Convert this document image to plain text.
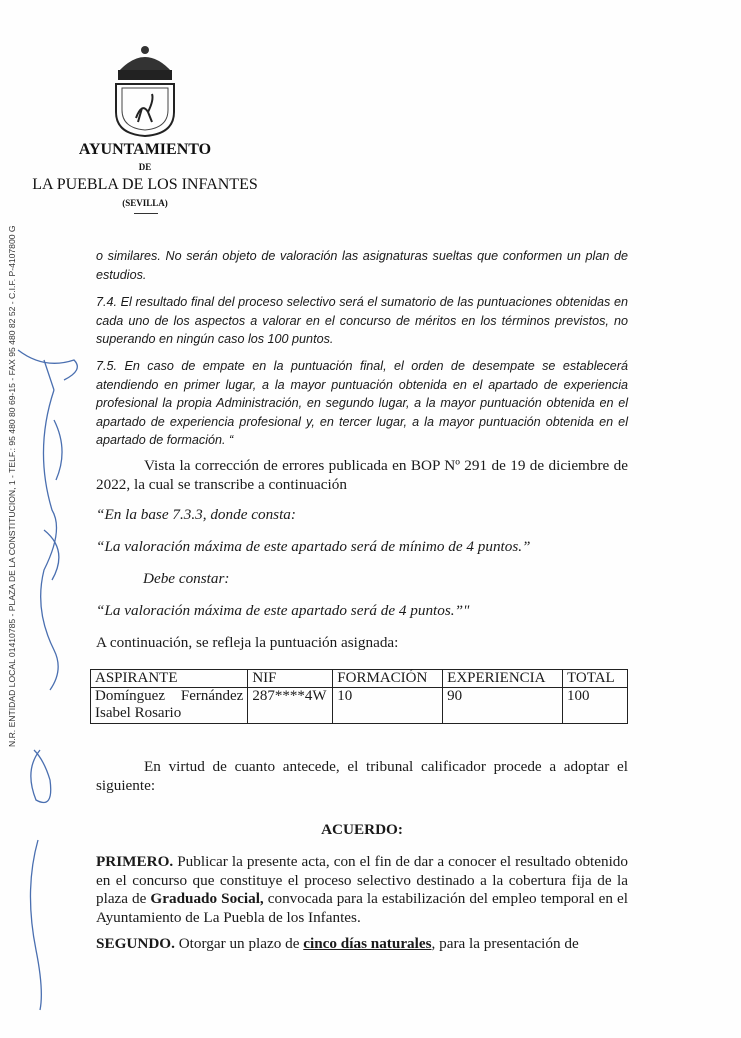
AYUNTAMIENTO
DE
LA PUEBLA DE LOS INFANTES
(SEVILLA)
N.R. ENTIDAD LOCAL 01410785 - PLAZA DE LA CONSTITUCION, 1 - TELF.: 95 480 80 69-15 - FAX 95 480 82 52 - C.I.F. P-4107800 G	o similares. No serán objeto de valoración las asignaturas sueltas que conformen un plan de estudios.
7.4. El resultado final del proceso selectivo será el sumatorio de las puntuaciones obtenidas en cada uno de los aspectos a valorar en el concurso de méritos en los términos previstos, no superando en ningún caso los 100 puntos.
7.5. En caso de empate en la puntuación final, el orden de desempate se establecerá atendiendo en primer lugar, a la mayor puntuación obtenida en el apartado de experiencia profesional la propia Administración, en segundo lugar, a la mayor puntuación obtenida en el apartado de experiencia profesional y, en tercer lugar, a la mayor puntuación obtenida en el apartado de formación. “
Vista la corrección de errores publicada en BOP Nº 291 de 19 de diciembre de 2022, la cual se transcribe a continuación
“En la base 7.3.3, donde consta:
“La valoración máxima de este apartado será de mínimo de 4 puntos.”
Debe constar:
“La valoración máxima de este apartado será de 4 puntos.”"
A continuación, se refleja la puntuación asignada:
ASPIRANTE	NIF	FORMACIÓN	EXPERIENCIA	TOTAL
Domínguez Fernández Isabel Rosario	287****4W	10	90	100
En virtud de cuanto antecede, el tribunal calificador procede a adoptar el siguiente:
ACUERDO:
PRIMERO. Publicar la presente acta, con el fin de dar a conocer el resultado obtenido en el concurso que constituye el proceso selectivo destinado a la cobertura fija de la plaza de Graduado Social, convocada para la estabilización del empleo temporal en el Ayuntamiento de La Puebla de los Infantes.
SEGUNDO. Otorgar un plazo de cinco días naturales, para la presentación de
